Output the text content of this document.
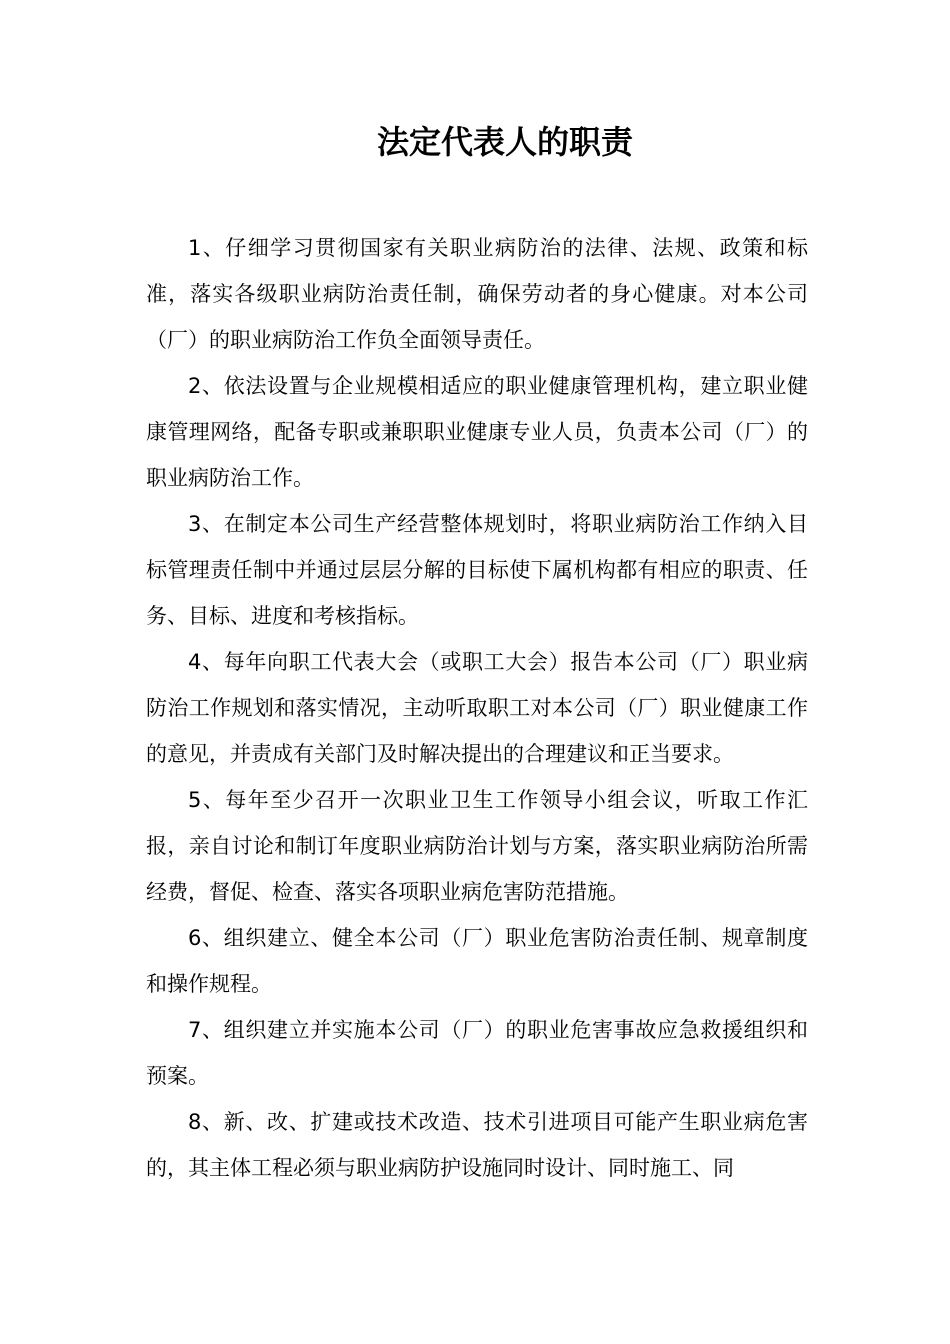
法定代表人的职责

1、仔细学习贯彻国家有关职业病防治的法律、法规、政策和标准，落实各级职业病防治责任制，确保劳动者的身心健康。对本公司（厂）的职业病防治工作负全面领导责任。

2、依法设置与企业规模相适应的职业健康管理机构，建立职业健康管理网络，配备专职或兼职职业健康专业人员，负责本公司（厂）的职业病防治工作。

3、在制定本公司生产经营整体规划时，将职业病防治工作纳入目标管理责任制中并通过层层分解的目标使下属机构都有相应的职责、任务、目标、进度和考核指标。

4、每年向职工代表大会（或职工大会）报告本公司（厂）职业病防治工作规划和落实情况，主动听取职工对本公司（厂）职业健康工作的意见，并责成有关部门及时解决提出的合理建议和正当要求。

5、每年至少召开一次职业卫生工作领导小组会议，听取工作汇报，亲自讨论和制订年度职业病防治计划与方案，落实职业病防治所需经费，督促、检查、落实各项职业病危害防范措施。

6、组织建立、健全本公司（厂）职业危害防治责任制、规章制度和操作规程。

7、组织建立并实施本公司（厂）的职业危害事故应急救援组织和预案。

8、新、改、扩建或技术改造、技术引进项目可能产生职业病危害的，其主体工程必须与职业病防护设施同时设计、同时施工、同
